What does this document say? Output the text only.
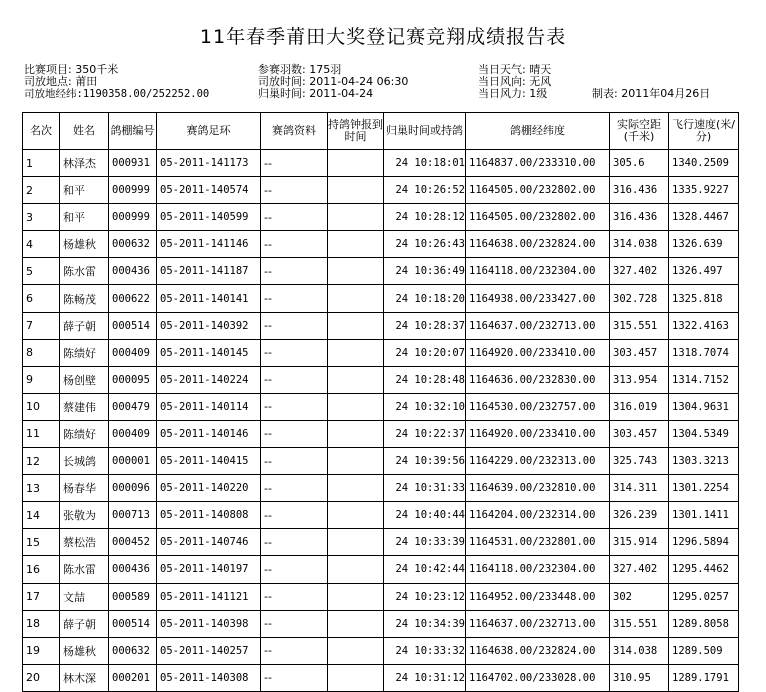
11年春季莆田大奖登记赛竞翔成绩报告表
比赛项目: 350千米
司放地点: 莆田
司放地经纬:1190358.00/252252.00
参赛羽数: 175羽
司放时间: 2011-04-24 06:30
归巢时间: 2011-04-24
当日天气: 晴天
当日风向: 无风
当日风力: 1级	制表: 2011年04月26日
名次	姓名	鸽棚编号	赛鸽足环	赛鸽资料	持鸽钟报到时间	归巢时间或持鸽	鸽棚经纬度	实际空距(千米)	飞行速度(米/分)
1	林泽杰	000931	05-2011-141173	--		24 10:18:01	1164837.00/233310.00	305.6	1340.2509
2	和平	000999	05-2011-140574	--		24 10:26:52	1164505.00/232802.00	316.436	1335.9227
3	和平	000999	05-2011-140599	--		24 10:28:12	1164505.00/232802.00	316.436	1328.4467
4	杨雄秋	000632	05-2011-141146	--		24 10:26:43	1164638.00/232824.00	314.038	1326.639
5	陈水雷	000436	05-2011-141187	--		24 10:36:49	1164118.00/232304.00	327.402	1326.497
6	陈畅茂	000622	05-2011-140141	--		24 10:18:20	1164938.00/233427.00	302.728	1325.818
7	薛子朝	000514	05-2011-140392	--		24 10:28:37	1164637.00/232713.00	315.551	1322.4163
8	陈绩好	000409	05-2011-140145	--		24 10:20:07	1164920.00/233410.00	303.457	1318.7074
9	杨创壁	000095	05-2011-140224	--		24 10:28:48	1164636.00/232830.00	313.954	1314.7152
10	蔡建伟	000479	05-2011-140114	--		24 10:32:10	1164530.00/232757.00	316.019	1304.9631
11	陈绩好	000409	05-2011-140146	--		24 10:22:37	1164920.00/233410.00	303.457	1304.5349
12	长城鸽	000001	05-2011-140415	--		24 10:39:56	1164229.00/232313.00	325.743	1303.3213
13	杨春华	000096	05-2011-140220	--		24 10:31:33	1164639.00/232810.00	314.311	1301.2254
14	张敬为	000713	05-2011-140808	--		24 10:40:44	1164204.00/232314.00	326.239	1301.1411
15	蔡松浩	000452	05-2011-140746	--		24 10:33:39	1164531.00/232801.00	315.914	1296.5894
16	陈水雷	000436	05-2011-140197	--		24 10:42:44	1164118.00/232304.00	327.402	1295.4462
17	文喆	000589	05-2011-141121	--		24 10:23:12	1164952.00/233448.00	302	1295.0257
18	薛子朝	000514	05-2011-140398	--		24 10:34:39	1164637.00/232713.00	315.551	1289.8058
19	杨雄秋	000632	05-2011-140257	--		24 10:33:32	1164638.00/232824.00	314.038	1289.509
20	林木深	000201	05-2011-140308	--		24 10:31:12	1164702.00/233028.00	310.95	1289.1791
